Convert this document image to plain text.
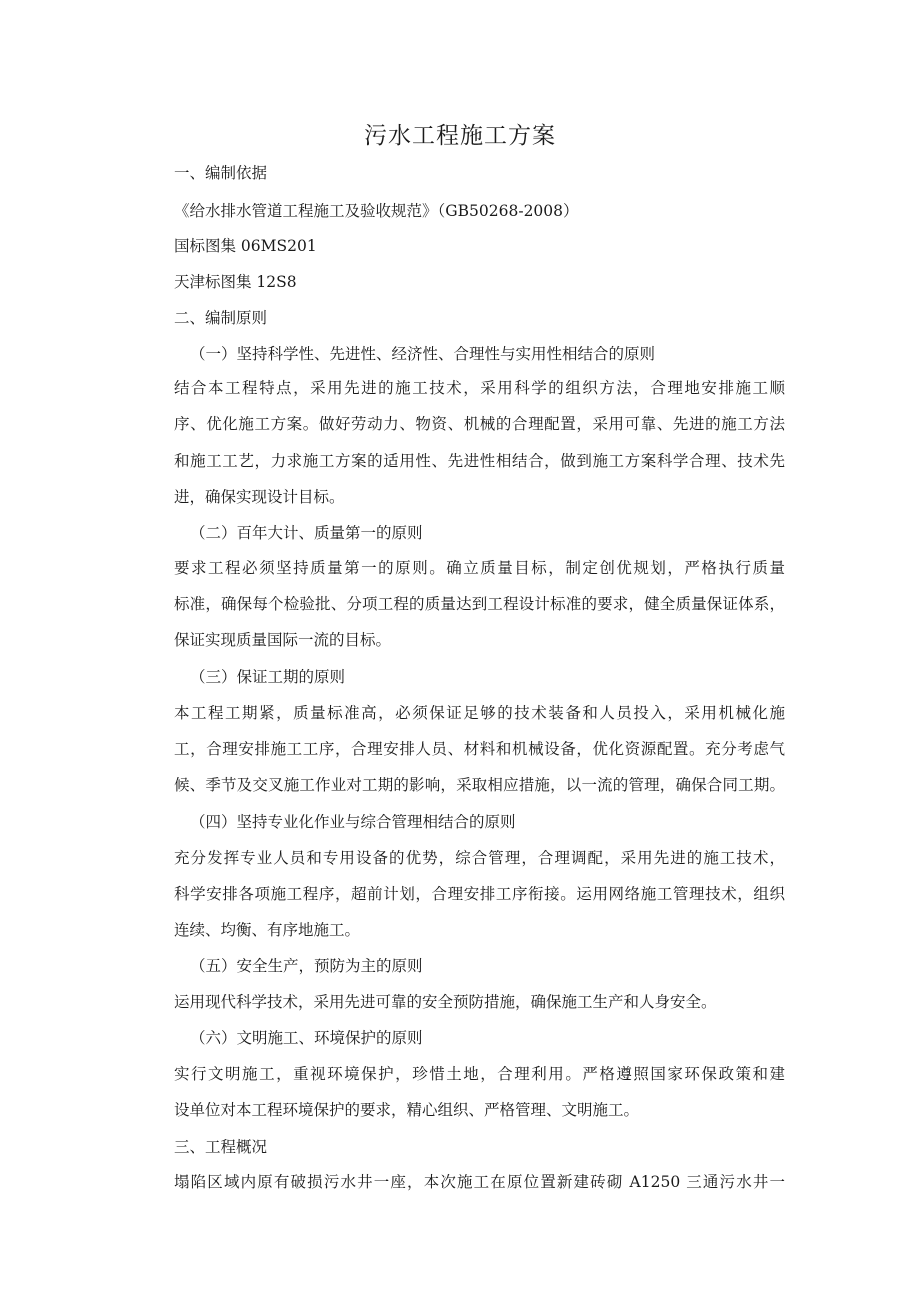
污水工程施工方案
一、编制依据
《给水排水管道工程施工及验收规范》（GB50268-2008）
国标图集 06MS201
天津标图集 12S8
二、编制原则
（一）坚持科学性、先进性、经济性、合理性与实用性相结合的原则
结合本工程特点，采用先进的施工技术，采用科学的组织方法，合理地安排施工顺
序、优化施工方案。做好劳动力、物资、机械的合理配置，采用可靠、先进的施工方法
和施工工艺，力求施工方案的适用性、先进性相结合，做到施工方案科学合理、技术先
进，确保实现设计目标。
（二）百年大计、质量第一的原则
要求工程必须坚持质量第一的原则。确立质量目标，制定创优规划，严格执行质量
标准，确保每个检验批、分项工程的质量达到工程设计标准的要求，健全质量保证体系，
保证实现质量国际一流的目标。
（三）保证工期的原则
本工程工期紧，质量标准高，必须保证足够的技术装备和人员投入，采用机械化施
工，合理安排施工工序，合理安排人员、材料和机械设备，优化资源配置。充分考虑气
候、季节及交叉施工作业对工期的影响，采取相应措施，以一流的管理，确保合同工期。
（四）坚持专业化作业与综合管理相结合的原则
充分发挥专业人员和专用设备的优势，综合管理，合理调配，采用先进的施工技术，
科学安排各项施工程序，超前计划，合理安排工序衔接。运用网络施工管理技术，组织
连续、均衡、有序地施工。
（五）安全生产，预防为主的原则
运用现代科学技术，采用先进可靠的安全预防措施，确保施工生产和人身安全。
（六）文明施工、环境保护的原则
实行文明施工，重视环境保护，珍惜土地，合理利用。严格遵照国家环保政策和建
设单位对本工程环境保护的要求，精心组织、严格管理、文明施工。
三、工程概况
塌陷区域内原有破损污水井一座，本次施工在原位置新建砖砌 A1250 三通污水井一
